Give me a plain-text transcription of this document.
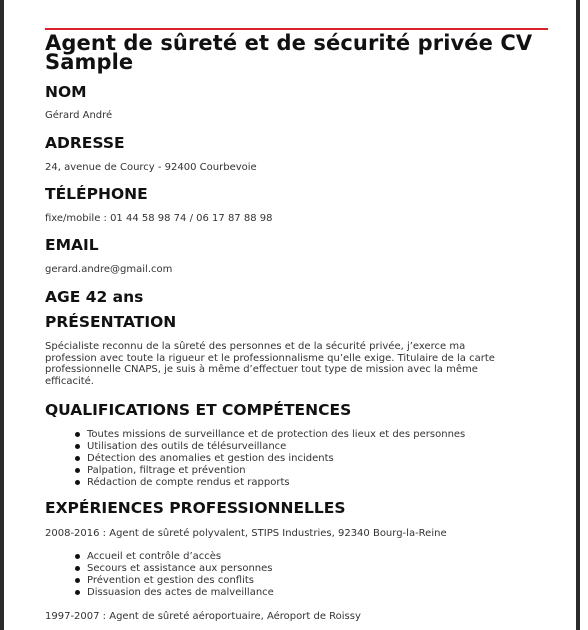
Agent de sûreté et de sécurité privée CV Sample
NOM

Gérard André

ADRESSE

24, avenue de Courcy - 92400 Courbevoie

TÉLÉPHONE

fixe/mobile : 01 44 58 98 74 / 06 17 87 88 98

EMAIL

gerard.andre@gmail.com

AGE 42 ans
PRÉSENTATION

Spécialiste reconnu de la sûreté des personnes et de la sécurité privée, j’exerce ma profession avec toute la rigueur et le professionnalisme qu’elle exige. Titulaire de la carte professionnelle CNAPS, je suis à même d’effectuer tout type de mission avec la même efficacité.

QUALIFICATIONS ET COMPÉTENCES
Toutes missions de surveillance et de protection des lieux et des personnes
Utilisation des outils de télésurveillance
Détection des anomalies et gestion des incidents
Palpation, filtrage et prévention
Rédaction de compte rendus et rapports
EXPÉRIENCES PROFESSIONNELLES

2008-2016 : Agent de sûreté polyvalent, STIPS Industries, 92340 Bourg-la-Reine

Accueil et contrôle d’accès
Secours et assistance aux personnes
Prévention et gestion des conflits
Dissuasion des actes de malveillance

1997-2007 : Agent de sûreté aéroportuaire, Aéroport de Roissy
